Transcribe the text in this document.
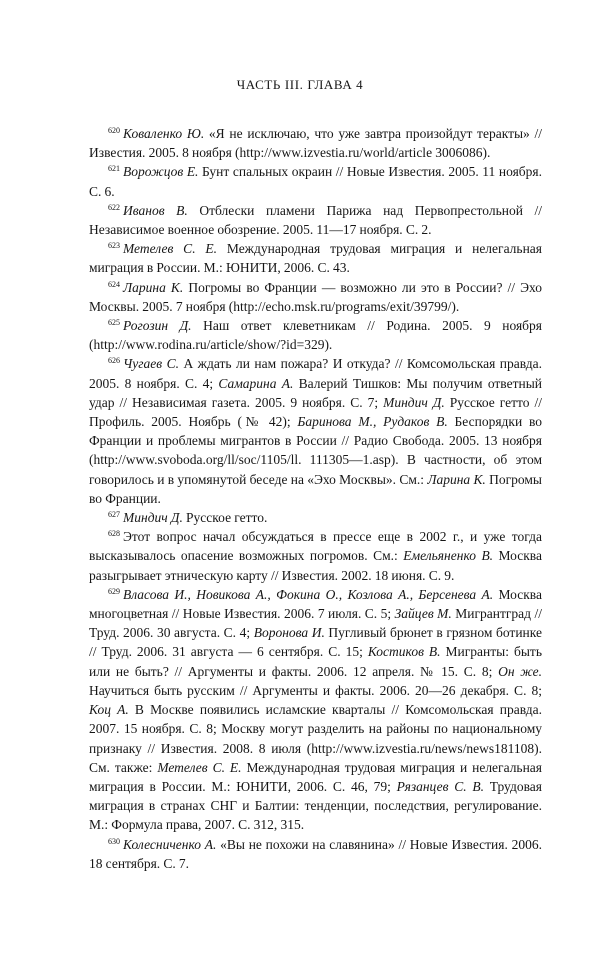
ЧАСТЬ III. ГЛАВА 4

$^{620}$ Коваленко Ю. «Я не исключаю, что уже завтра произойдут теракты» // Известия. 2005. 8 ноября (http://www.izvestia.ru/world/article 3006086).

$^{621}$ Ворожцов Е. Бунт спальных окраин // Новые Известия. 2005. 11 ноября. С. 6.

$^{622}$ Иванов В. Отблески пламени Парижа над Первопрестольной // Независимое военное обозрение. 2005. 11—17 ноября. С. 2.

$^{623}$ Метелев С. Е. Международная трудовая миграция и нелегальная миграция в России. М.: ЮНИТИ, 2006. С. 43.

$^{624}$ Ларина К. Погромы во Франции — возможно ли это в России? // Эхо Москвы. 2005. 7 ноября (http://echo.msk.ru/programs/exit/39799/).

$^{625}$ Рогозин Д. Наш ответ клеветникам // Родина. 2005. 9 ноября (http://www.rodina.ru/article/show/?id=329).

$^{626}$ Чугаев С. А ждать ли нам пожара? И откуда? // Комсомольская правда. 2005. 8 ноября. С. 4; Самарина А. Валерий Тишков: Мы получим ответный удар // Независимая газета. 2005. 9 ноября. С. 7; Миндич Д. Русское гетто // Профиль. 2005. Ноябрь (№ 42); Баринова М., Рудаков В. Беспорядки во Франции и проблемы мигрантов в России // Радио Свобода. 2005. 13 ноября (http://www.svoboda.org/ll/soc/1105/ll. 111305—1.asp). В частности, об этом говорилось и в упомянутой беседе на «Эхо Москвы». См.: Ларина К. Погромы во Франции.

$^{627}$ Миндич Д. Русское гетто.

$^{628}$ Этот вопрос начал обсуждаться в прессе еще в 2002 г., и уже тогда высказывалось опасение возможных погромов. См.: Емельяненко В. Москва разыгрывает этническую карту // Известия. 2002. 18 июня. С. 9.

$^{629}$ Власова И., Новикова А., Фокина О., Козлова А., Берсенева А. Москва многоцветная // Новые Известия. 2006. 7 июля. С. 5; Зайцев М. Мигрантград // Труд. 2006. 30 августа. С. 4; Воронова И. Пугливый брюнет в грязном ботинке // Труд. 2006. 31 августа — 6 сентября. С. 15; Костиков В. Мигранты: быть или не быть? // Аргументы и факты. 2006. 12 апреля. № 15. С. 8; Он же. Научиться быть русским // Аргументы и факты. 2006. 20—26 декабря. С. 8; Коц А. В Москве появились исламские кварталы // Комсомольская правда. 2007. 15 ноября. С. 8; Москву могут разделить на районы по национальному признаку // Известия. 2008. 8 июля (http://www.izvestia.ru/news/news181108). См. также: Метелев С. Е. Международная трудовая миграция и нелегальная миграция в России. М.: ЮНИТИ, 2006. С. 46, 79; Рязанцев С. В. Трудовая миграция в странах СНГ и Балтии: тенденции, последствия, регулирование. М.: Формула права, 2007. С. 312, 315.

$^{630}$ Колесниченко А. «Вы не похожи на славянина» // Новые Известия. 2006. 18 сентября. С. 7.
